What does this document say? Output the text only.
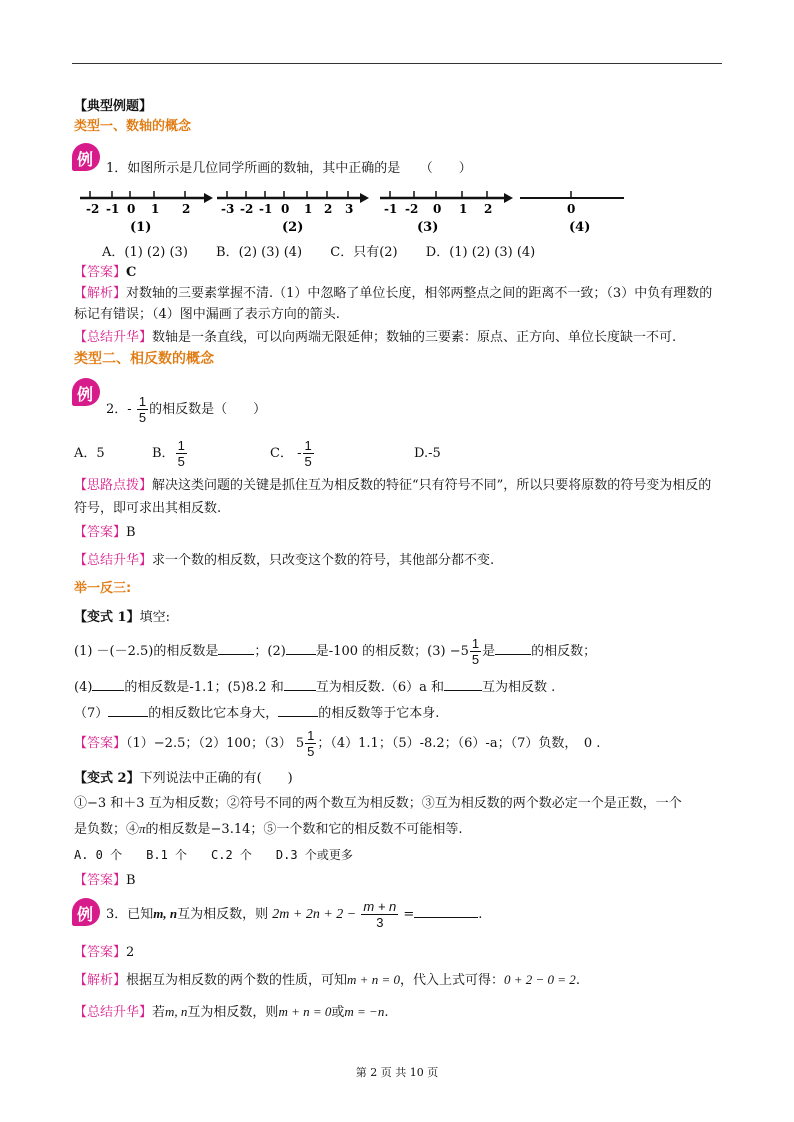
【典型例题】
类型一、数轴的概念
例 1．如图所示是几位同学所画的数轴，其中正确的是　　（　　）
-2 -1 0 1 2
(1)
-3 -2 -1 0 1 2 3
(2)
-1 -2 0 1 2
(3)
0
(4)
A．(1) (2) (3) B．(2) (3) (4) C．只有(2) D．(1) (2) (3) (4)
【答案】C
【解析】对数轴的三要素掌握不清.（1）中忽略了单位长度，相邻两整点之间的距离不一致；（3）中负有理数的标记有错误；（4）图中漏画了表示方向的箭头.
【总结升华】数轴是一条直线，可以向两端无限延伸；数轴的三要素：原点、正方向、单位长度缺一不可.
类型二、相反数的概念
例
2．- $\frac{1}{5}$ 的相反数是（　　）
A．5	B． $\frac{1}{5}$	C． - $\frac{1}{5}$	D.-5
【思路点拨】解决这类问题的关键是抓住互为相反数的特征“只有符号不同”，所以只要将原数的符号变为相反的符号，即可求出其相反数.
【答案】B
【总结升华】求一个数的相反数，只改变这个数的符号，其他部分都不变.
举一反三:
【变式 1】填空:
(1) －(－2.5)的相反数是	；(2) 是-100 的相反数；$(3) -5 \frac{1}{5}$ 是	的相反数；
(4) 的相反数是-1.1；(5)8.2 和 互为相反数.（6）a 和	互为相反数 .
（7）	的相反数比它本身大，	的相反数等于它本身.
【答案】（1）−2.5；（2）100；（3） $5 \frac{1}{5}$ ；（4）1.1；（5）-8.2；（6）-a；（7）负数，　0 .
【变式 2】下列说法中正确的有(　　)
①−3 和＋3 互为相反数；②符号不同的两个数互为相反数；③互为相反数的两个数必定一个是正数，一个
是负数；④π的相反数是−3.14；⑤一个数和它的相反数不可能相等.
A. 0 个　　B.1 个　　C.2 个　　D.3 个或更多
【答案】B
例 3．已知m, n互为相反数，则 $2m + 2n + 2 - \frac{m + n}{3}$ =	.
【答案】2
【解析】根据互为相反数的两个数的性质，可知m + n = 0，代入上式可得：0 + 2 − 0 = 2.
【总结升华】若m, n互为相反数，则m + n = 0或m = −n.
第 2 页 共 10 页
